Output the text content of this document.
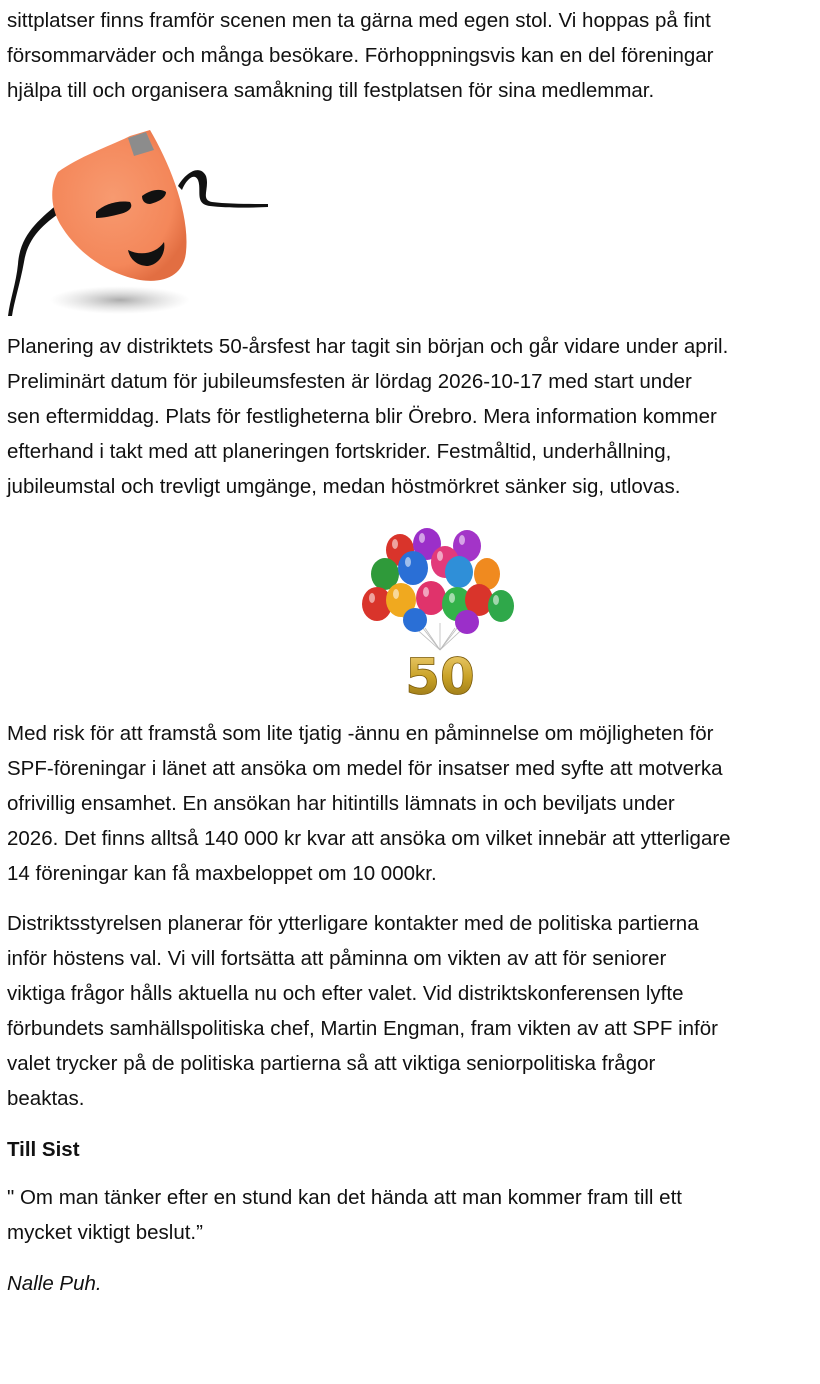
sittplatser finns framför scenen men ta gärna med egen stol. Vi hoppas på fint
försommarväder och många besökare. Förhoppningsvis kan en del föreningar
hjälpa till och organisera samåkning till festplatsen för sina medlemmar.

Planering av distriktets 50-årsfest har tagit sin början och går vidare under april.
Preliminärt datum för jubileumsfesten är lördag 2026-10-17 med start under
sen eftermiddag. Plats för festligheterna blir Örebro. Mera information kommer
efterhand i takt med att planeringen fortskrider. Festmåltid, underhållning,
jubileumstal och trevligt umgänge, medan höstmörkret sänker sig, utlovas.

50

Med risk för att framstå som lite tjatig -ännu en påminnelse om möjligheten för
SPF-föreningar i länet att ansöka om medel för insatser med syfte att motverka
ofrivillig ensamhet. En ansökan har hitintills lämnats in och beviljats under
2026. Det finns alltså 140 000 kr kvar att ansöka om vilket innebär att ytterligare
14 föreningar kan få maxbeloppet om 10 000kr.

Distriktsstyrelsen planerar för ytterligare kontakter med de politiska partierna
inför höstens val. Vi vill fortsätta att påminna om vikten av att för seniorer
viktiga frågor hålls aktuella nu och efter valet. Vid distriktskonferensen lyfte
förbundets samhällspolitiska chef, Martin Engman, fram vikten av att SPF inför
valet trycker på de politiska partierna så att viktiga seniorpolitiska frågor
beaktas.

Till Sist

" Om man tänker efter en stund kan det hända att man kommer fram till ett
mycket viktigt beslut.”

Nalle Puh.
